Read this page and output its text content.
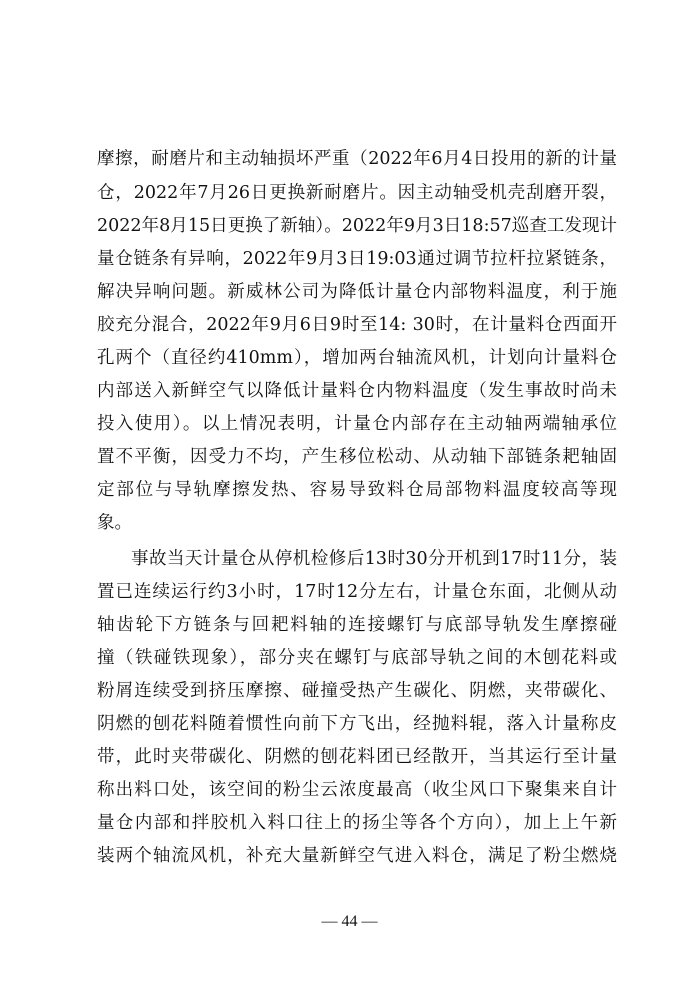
摩擦，耐磨片和主动轴损坏严重（2022年6月4日投用的新的计量
仓，2022年7月26日更换新耐磨片。因主动轴受机壳刮磨开裂，
2022年8月15日更换了新轴）。2022年9月3日18:57巡查工发现计
量仓链条有异响，2022年9月3日19:03通过调节拉杆拉紧链条，
解决异响问题。新威林公司为降低计量仓内部物料温度，利于施
胶充分混合，2022年9月6日9时至14: 30时，在计量料仓西面开
孔两个（直径约410mm），增加两台轴流风机，计划向计量料仓
内部送入新鲜空气以降低计量料仓内物料温度（发生事故时尚未
投入使用）。以上情况表明，计量仓内部存在主动轴两端轴承位
置不平衡，因受力不均，产生移位松动、从动轴下部链条耙轴固
定部位与导轨摩擦发热、容易导致料仓局部物料温度较高等现
象。
事故当天计量仓从停机检修后13时30分开机到17时11分，装
置已连续运行约3小时，17时12分左右，计量仓东面，北侧从动
轴齿轮下方链条与回耙料轴的连接螺钉与底部导轨发生摩擦碰
撞（铁碰铁现象），部分夹在螺钉与底部导轨之间的木刨花料或
粉屑连续受到挤压摩擦、碰撞受热产生碳化、阴燃，夹带碳化、
阴燃的刨花料随着惯性向前下方飞出，经抛料辊，落入计量称皮
带，此时夹带碳化、阴燃的刨花料团已经散开，当其运行至计量
称出料口处，该空间的粉尘云浓度最高（收尘风口下聚集来自计
量仓内部和拌胶机入料口往上的扬尘等各个方向），加上上午新
装两个轴流风机，补充大量新鲜空气进入料仓，满足了粉尘燃烧
— 44 —
